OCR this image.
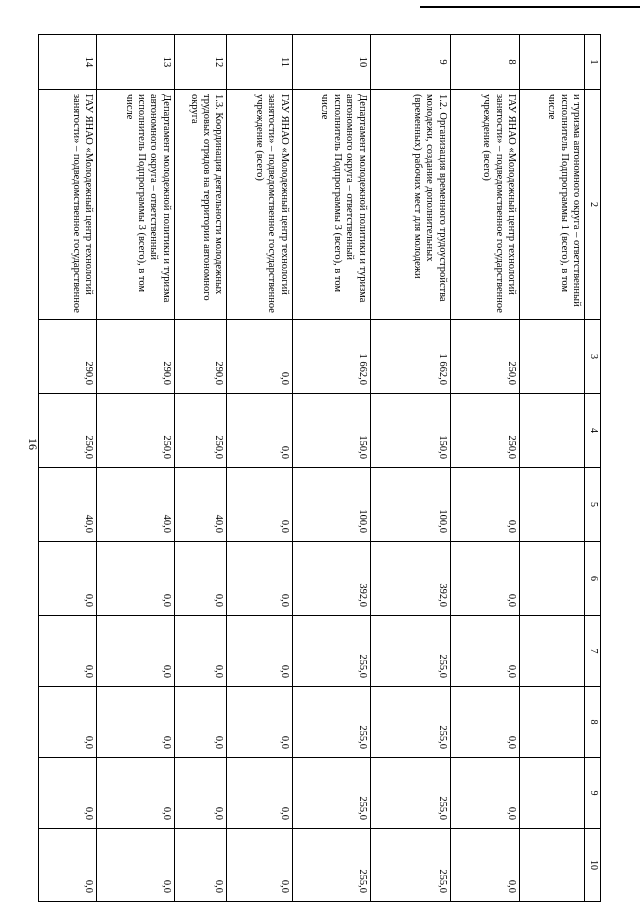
16
1	2	3	4	5	6	7	8	9	10
	и туризма автономного округа – ответственный исполнитель Подпрограммы 1 (всего), в том числе								
8	ГАУ ЯНАО «Молодежный центр технологий занятости» – подведомственное государственное учреждение (всего)	250,0	250,0	0,0	0,0	0,0	0,0	0,0	0,0
9	1.2. Организация временного трудоустройства молодежи, создание дополнительных (временных) рабочих мест для молодежи	1 662,0	150,0	100,0	392,0	255,0	255,0	255,0	255,0
10	Департамент молодежной политики и туризма автономного округа – ответственный исполнитель Подпрограммы 3 (всего), в том числе	1 662,0	150,0	100,0	392,0	255,0	255,0	255,0	255,0
11	ГАУ ЯНАО «Молодежный центр технологий занятости» – подведомственное государственное учреждение (всего)	0,0	0,0	0,0	0,0	0,0	0,0	0,0	0,0
12	1.3. Координация деятельности молодежных трудовых отрядов на территории автономного округа	290,0	250,0	40,0	0,0	0,0	0,0	0,0	0,0
13	Департамент молодежной политики и туризма автономного округа – ответственный исполнитель Подпрограммы 3 (всего), в том числе	290,0	250,0	40,0	0,0	0,0	0,0	0,0	0,0
14	ГАУ ЯНАО «Молодежный центр технологий занятости» – подведомственное государственное	290,0	250,0	40,0	0,0	0,0	0,0	0,0	0,0
